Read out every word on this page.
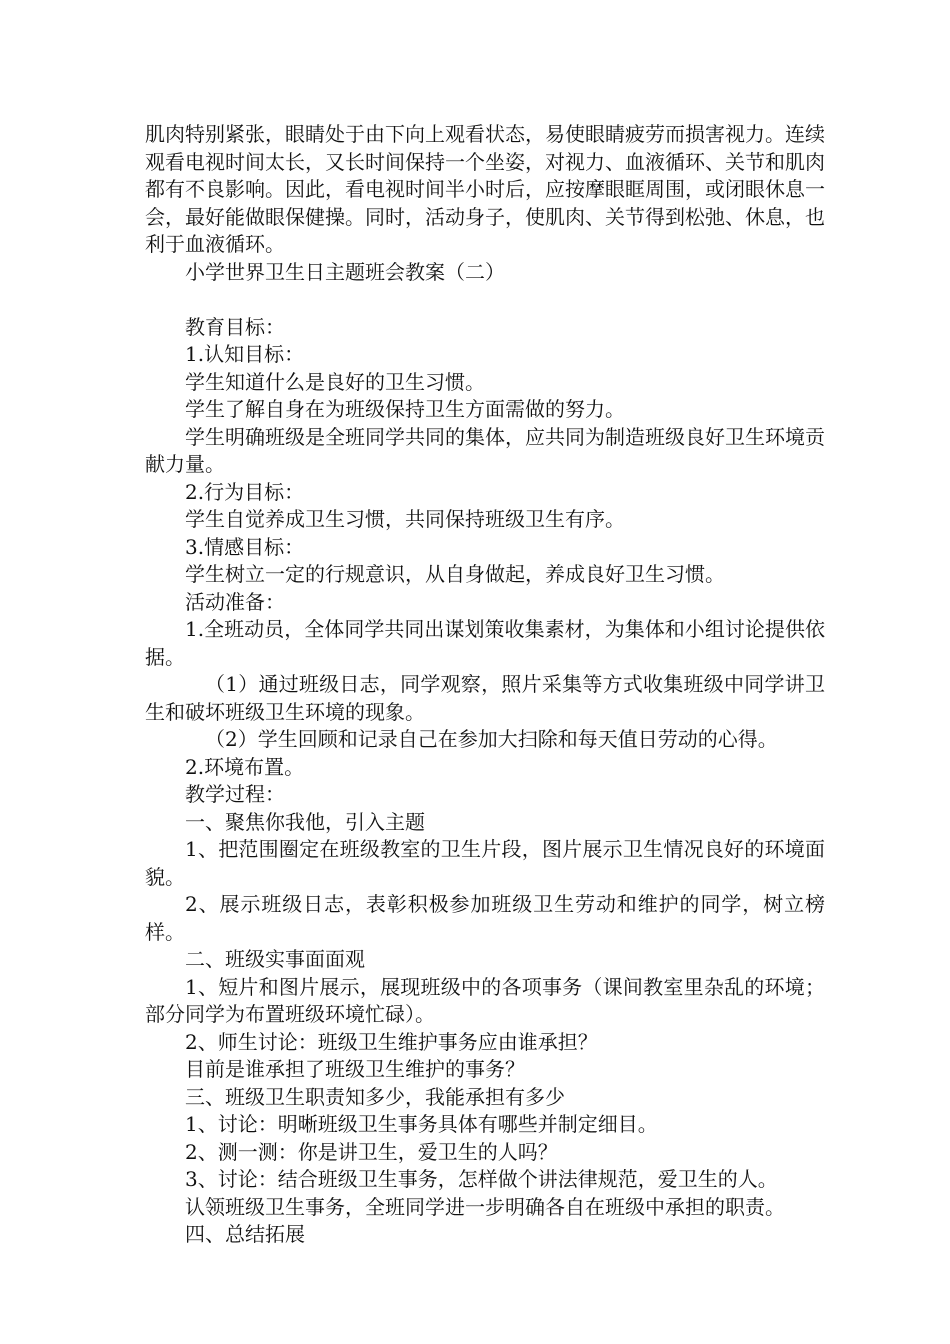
肌肉特别紧张，眼睛处于由下向上观看状态，易使眼睛疲劳而损害视力。连续观看电视时间太长，又长时间保持一个坐姿，对视力、血液循环、关节和肌肉都有不良影响。因此，看电视时间半小时后，应按摩眼眶周围，或闭眼休息一会，最好能做眼保健操。同时，活动身子，使肌肉、关节得到松弛、休息，也利于血液循环。

小学世界卫生日主题班会教案（二）

教育目标：

1.认知目标：

学生知道什么是良好的卫生习惯。

学生了解自身在为班级保持卫生方面需做的努力。

学生明确班级是全班同学共同的集体，应共同为制造班级良好卫生环境贡献力量。

2.行为目标：

学生自觉养成卫生习惯，共同保持班级卫生有序。

3.情感目标：

学生树立一定的行规意识，从自身做起，养成良好卫生习惯。

活动准备：

1.全班动员，全体同学共同出谋划策收集素材，为集体和小组讨论提供依据。

（1）通过班级日志，同学观察，照片采集等方式收集班级中同学讲卫生和破坏班级卫生环境的现象。

（2）学生回顾和记录自己在参加大扫除和每天值日劳动的心得。

2.环境布置。

教学过程：

一、聚焦你我他，引入主题

1、把范围圈定在班级教室的卫生片段，图片展示卫生情况良好的环境面貌。

2、展示班级日志，表彰积极参加班级卫生劳动和维护的同学，树立榜样。

二、班级实事面面观

1、短片和图片展示，展现班级中的各项事务（课间教室里杂乱的环境；部分同学为布置班级环境忙碌）。

2、师生讨论：班级卫生维护事务应由谁承担？

目前是谁承担了班级卫生维护的事务？

三、班级卫生职责知多少，我能承担有多少

1、讨论：明晰班级卫生事务具体有哪些并制定细目。

2、测一测：你是讲卫生，爱卫生的人吗？

3、讨论：结合班级卫生事务，怎样做个讲法律规范，爱卫生的人。

认领班级卫生事务，全班同学进一步明确各自在班级中承担的职责。

四、总结拓展
